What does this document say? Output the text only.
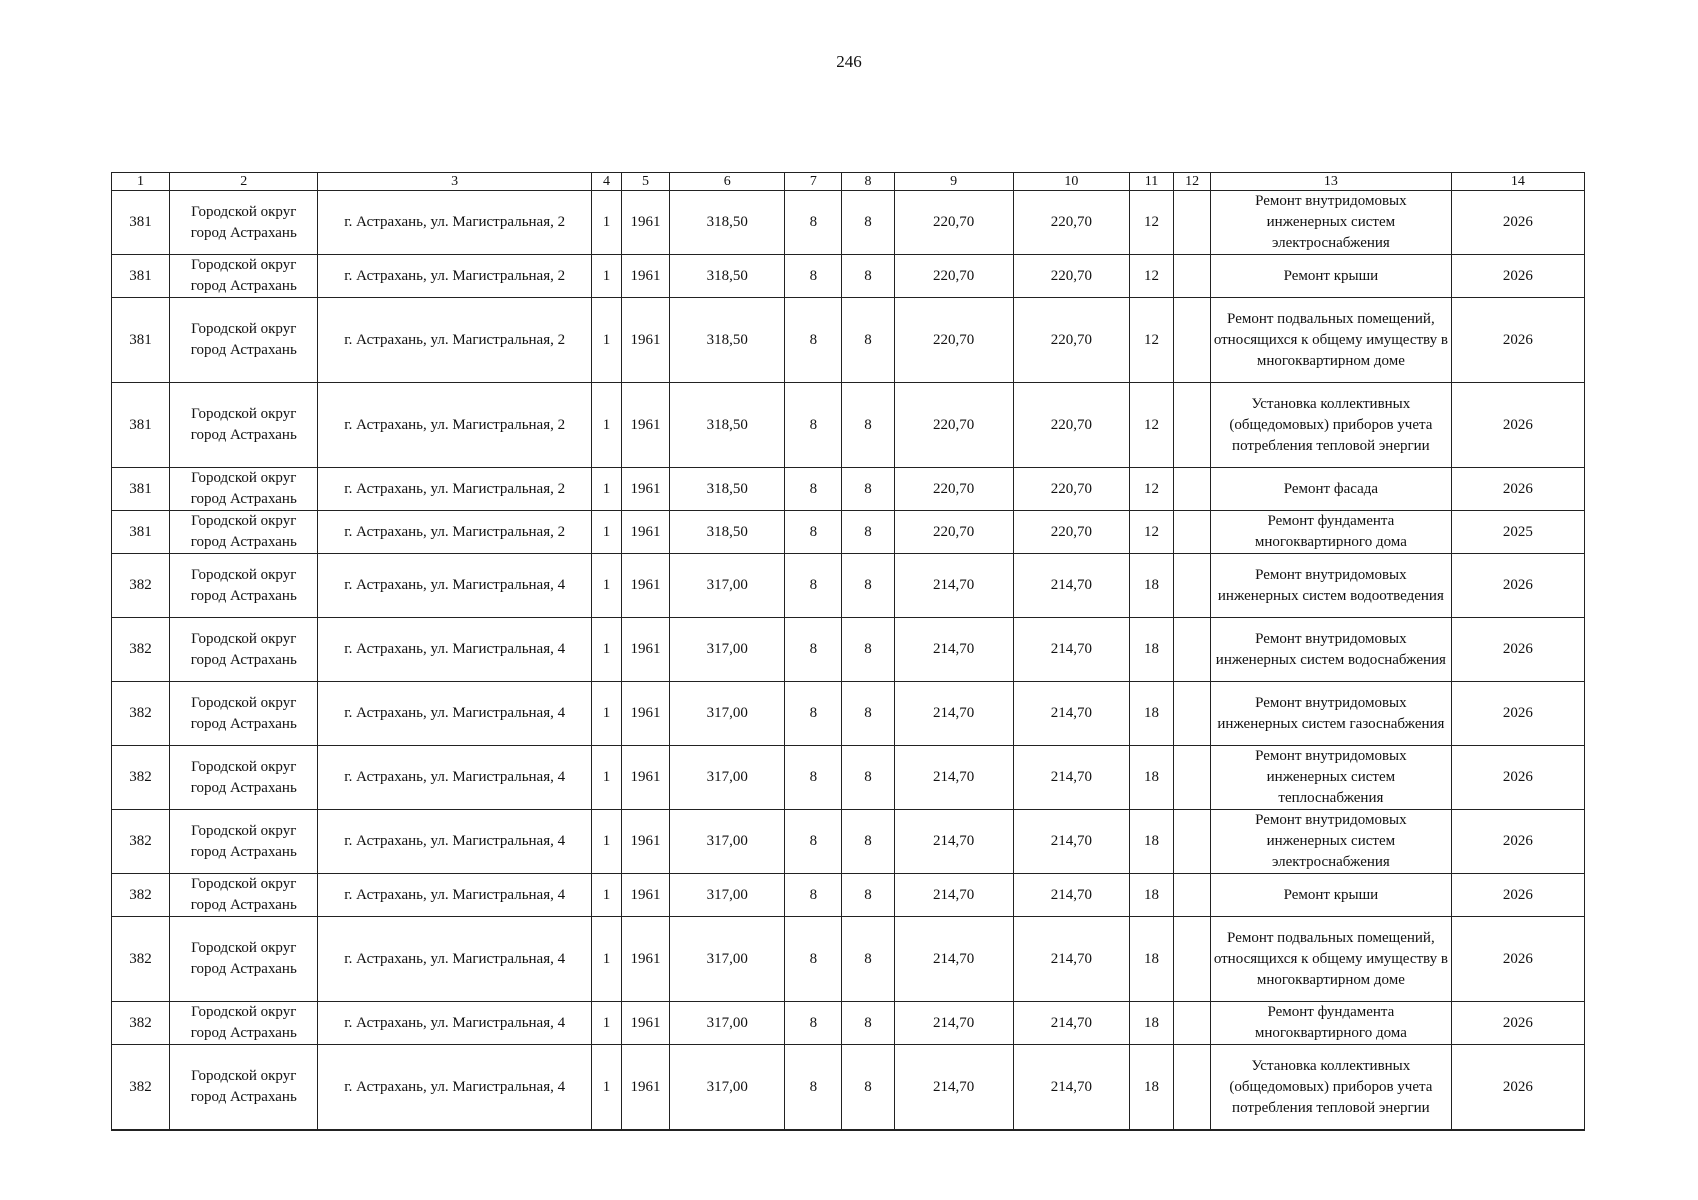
246
1	2	3	4	5	6	7	8	9	10	11	12	13	14
381	Городской округ город Астрахань	г. Астрахань, ул. Магистральная, 2	1	1961	318,50	8	8	220,70	220,70	12		Ремонт внутридомовых инженерных систем электроснабжения	2026
381	Городской округ город Астрахань	г. Астрахань, ул. Магистральная, 2	1	1961	318,50	8	8	220,70	220,70	12		Ремонт крыши	2026
381	Городской округ город Астрахань	г. Астрахань, ул. Магистральная, 2	1	1961	318,50	8	8	220,70	220,70	12		Ремонт подвальных помещений, относящихся к общему имуществу в многоквартирном доме	2026
381	Городской округ город Астрахань	г. Астрахань, ул. Магистральная, 2	1	1961	318,50	8	8	220,70	220,70	12		Установка коллективных (общедомовых) приборов учета потребления тепловой энергии	2026
381	Городской округ город Астрахань	г. Астрахань, ул. Магистральная, 2	1	1961	318,50	8	8	220,70	220,70	12		Ремонт фасада	2026
381	Городской округ город Астрахань	г. Астрахань, ул. Магистральная, 2	1	1961	318,50	8	8	220,70	220,70	12		Ремонт фундамента многоквартирного дома	2025
382	Городской округ город Астрахань	г. Астрахань, ул. Магистральная, 4	1	1961	317,00	8	8	214,70	214,70	18		Ремонт внутридомовых инженерных систем водоотведения	2026
382	Городской округ город Астрахань	г. Астрахань, ул. Магистральная, 4	1	1961	317,00	8	8	214,70	214,70	18		Ремонт внутридомовых инженерных систем водоснабжения	2026
382	Городской округ город Астрахань	г. Астрахань, ул. Магистральная, 4	1	1961	317,00	8	8	214,70	214,70	18		Ремонт внутридомовых инженерных систем газоснабжения	2026
382	Городской округ город Астрахань	г. Астрахань, ул. Магистральная, 4	1	1961	317,00	8	8	214,70	214,70	18		Ремонт внутридомовых инженерных систем теплоснабжения	2026
382	Городской округ город Астрахань	г. Астрахань, ул. Магистральная, 4	1	1961	317,00	8	8	214,70	214,70	18		Ремонт внутридомовых инженерных систем электроснабжения	2026
382	Городской округ город Астрахань	г. Астрахань, ул. Магистральная, 4	1	1961	317,00	8	8	214,70	214,70	18		Ремонт крыши	2026
382	Городской округ город Астрахань	г. Астрахань, ул. Магистральная, 4	1	1961	317,00	8	8	214,70	214,70	18		Ремонт подвальных помещений, относящихся к общему имуществу в многоквартирном доме	2026
382	Городской округ город Астрахань	г. Астрахань, ул. Магистральная, 4	1	1961	317,00	8	8	214,70	214,70	18		Ремонт фундамента многоквартирного дома	2026
382	Городской округ город Астрахань	г. Астрахань, ул. Магистральная, 4	1	1961	317,00	8	8	214,70	214,70	18		Установка коллективных (общедомовых) приборов учета потребления тепловой энергии	2026
